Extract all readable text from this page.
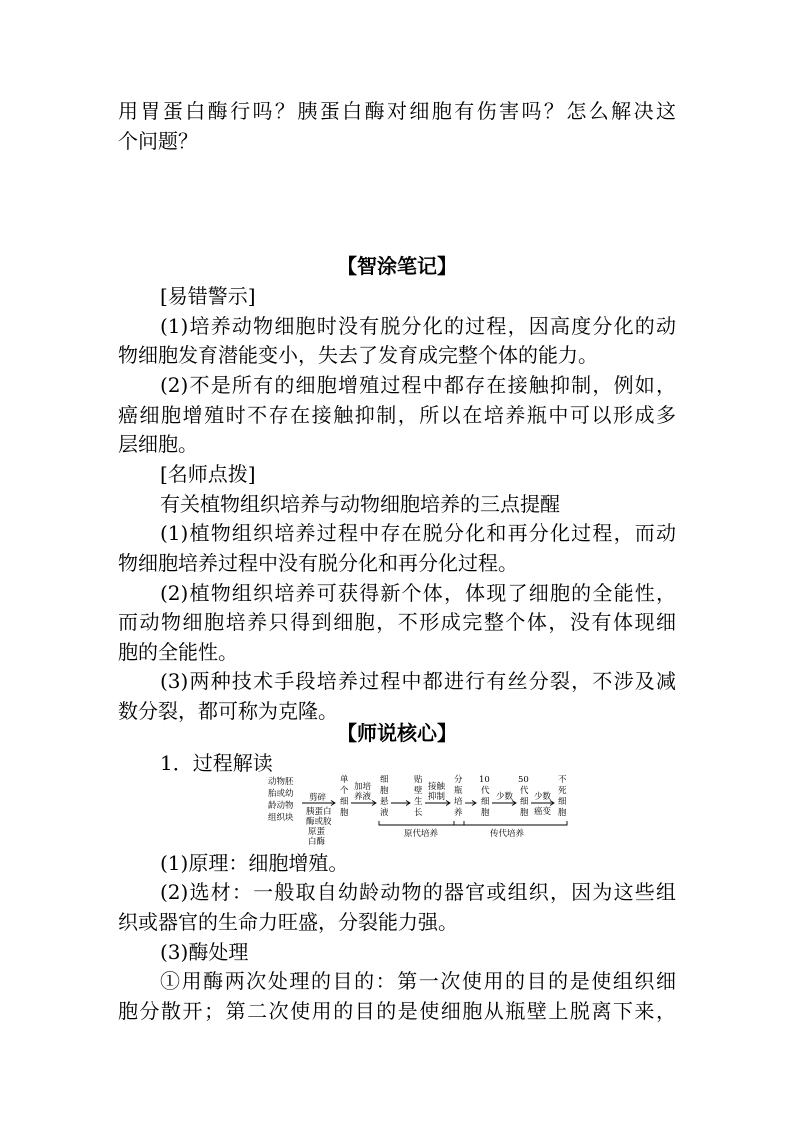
用胃蛋白酶行吗？胰蛋白酶对细胞有伤害吗？怎么解决这
个问题？
【智涂笔记】
[易错警示]
(1)培养动物细胞时没有脱分化的过程，因高度分化的动
物细胞发育潜能变小，失去了发育成完整个体的能力。
(2)不是所有的细胞增殖过程中都存在接触抑制，例如，
癌细胞增殖时不存在接触抑制，所以在培养瓶中可以形成多
层细胞。
[名师点拨]
有关植物组织培养与动物细胞培养的三点提醒
(1)植物组织培养过程中存在脱分化和再分化过程，而动
物细胞培养过程中没有脱分化和再分化过程。
(2)植物组织培养可获得新个体，体现了细胞的全能性，
而动物细胞培养只得到细胞，不形成完整个体，没有体现细
胞的全能性。
(3)两种技术手段培养过程中都进行有丝分裂，不涉及减
数分裂，都可称为克隆。
【师说核心】
1．过程解读
动物胚
胎或幼
龄动物
组织块
剪碎
胰蛋白
酶或胶
原蛋
白酶
单
个
细
胞
加培
养液
细
胞
悬
液
贴
壁
生
长
接触
抑制
分
瓶
培
养
10
代
细
胞
少数
50
代
细
胞
少数
癌变
不
死
细
胞
原代培养	传代培养
(1)原理：细胞增殖。
(2)选材：一般取自幼龄动物的器官或组织，因为这些组
织或器官的生命力旺盛，分裂能力强。
(3)酶处理
①用酶两次处理的目的：第一次使用的目的是使组织细
胞分散开；第二次使用的目的是使细胞从瓶壁上脱离下来，
